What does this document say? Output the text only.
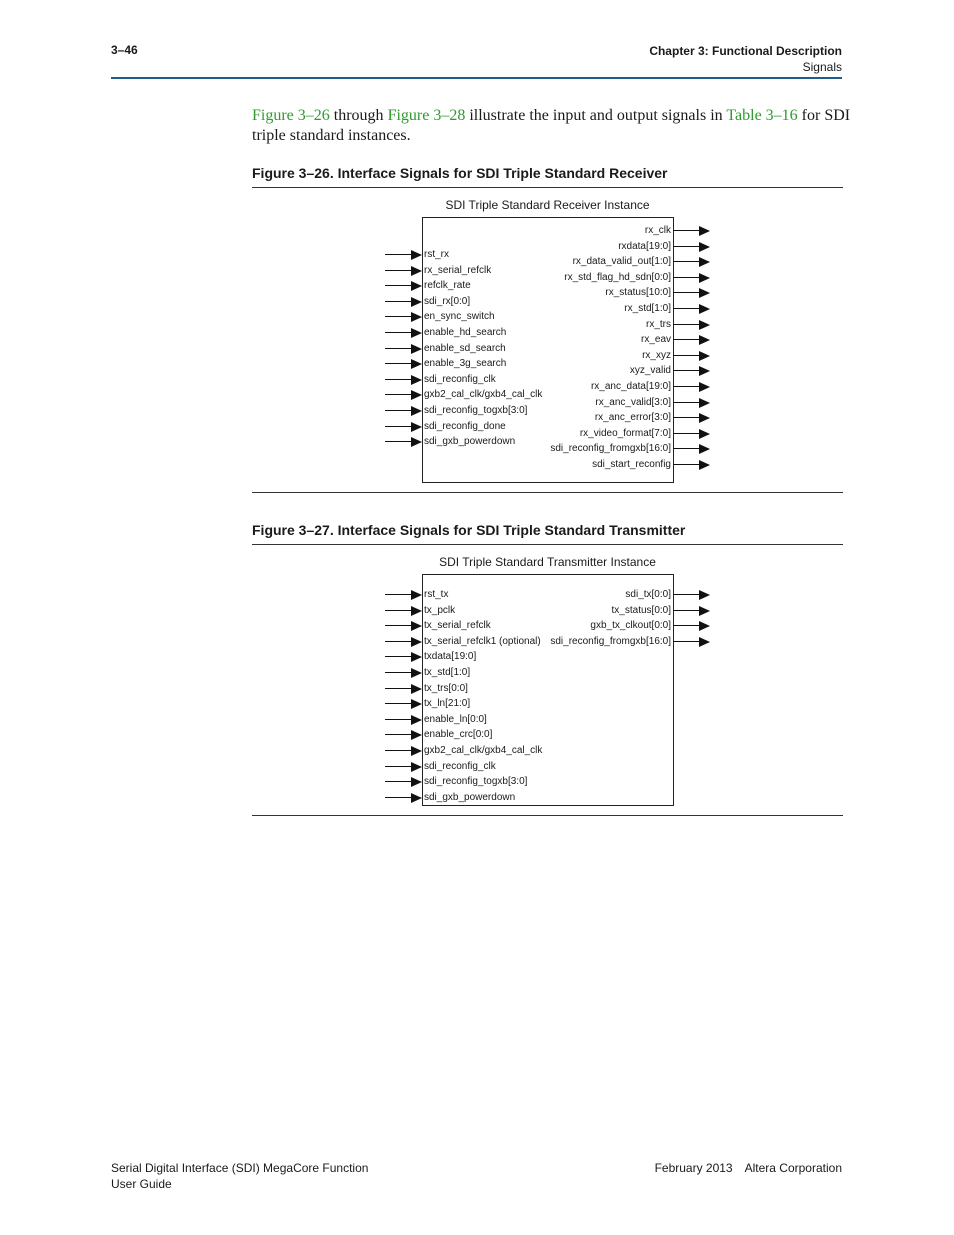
3–46	Chapter 3: Functional Description
Signals
Figure 3–26 through Figure 3–28 illustrate the input and output signals in Table 3–16 for SDI triple standard instances.
Figure 3–26. Interface Signals for SDI Triple Standard Receiver
SDI Triple Standard Receiver Instance
rst_rx
rx_serial_refclk
refclk_rate
sdi_rx[0:0]
en_sync_switch
enable_hd_search
enable_sd_search
enable_3g_search
sdi_reconfig_clk
gxb2_cal_clk/gxb4_cal_clk
sdi_reconfig_togxb[3:0]
sdi_reconfig_done
sdi_gxb_powerdown
rx_clk
rxdata[19:0]
rx_data_valid_out[1:0]
rx_std_flag_hd_sdn[0:0]
rx_status[10:0]
rx_std[1:0]
rx_trs
rx_eav
rx_xyz
xyz_valid
rx_anc_data[19:0]
rx_anc_valid[3:0]
rx_anc_error[3:0]
rx_video_format[7:0]
sdi_reconfig_fromgxb[16:0]
sdi_start_reconfig
Figure 3–27. Interface Signals for SDI Triple Standard Transmitter
SDI Triple Standard Transmitter Instance
rst_tx
tx_pclk
tx_serial_refclk
tx_serial_refclk1 (optional)
txdata[19:0]
tx_std[1:0]
tx_trs[0:0]
tx_ln[21:0]
enable_ln[0:0]
enable_crc[0:0]
gxb2_cal_clk/gxb4_cal_clk
sdi_reconfig_clk
sdi_reconfig_togxb[3:0]
sdi_gxb_powerdown
sdi_tx[0:0]
tx_status[0:0]
gxb_tx_clkout[0:0]
sdi_reconfig_fromgxb[16:0]
Serial Digital Interface (SDI) MegaCore Function
User Guide
February 2013 Altera Corporation
